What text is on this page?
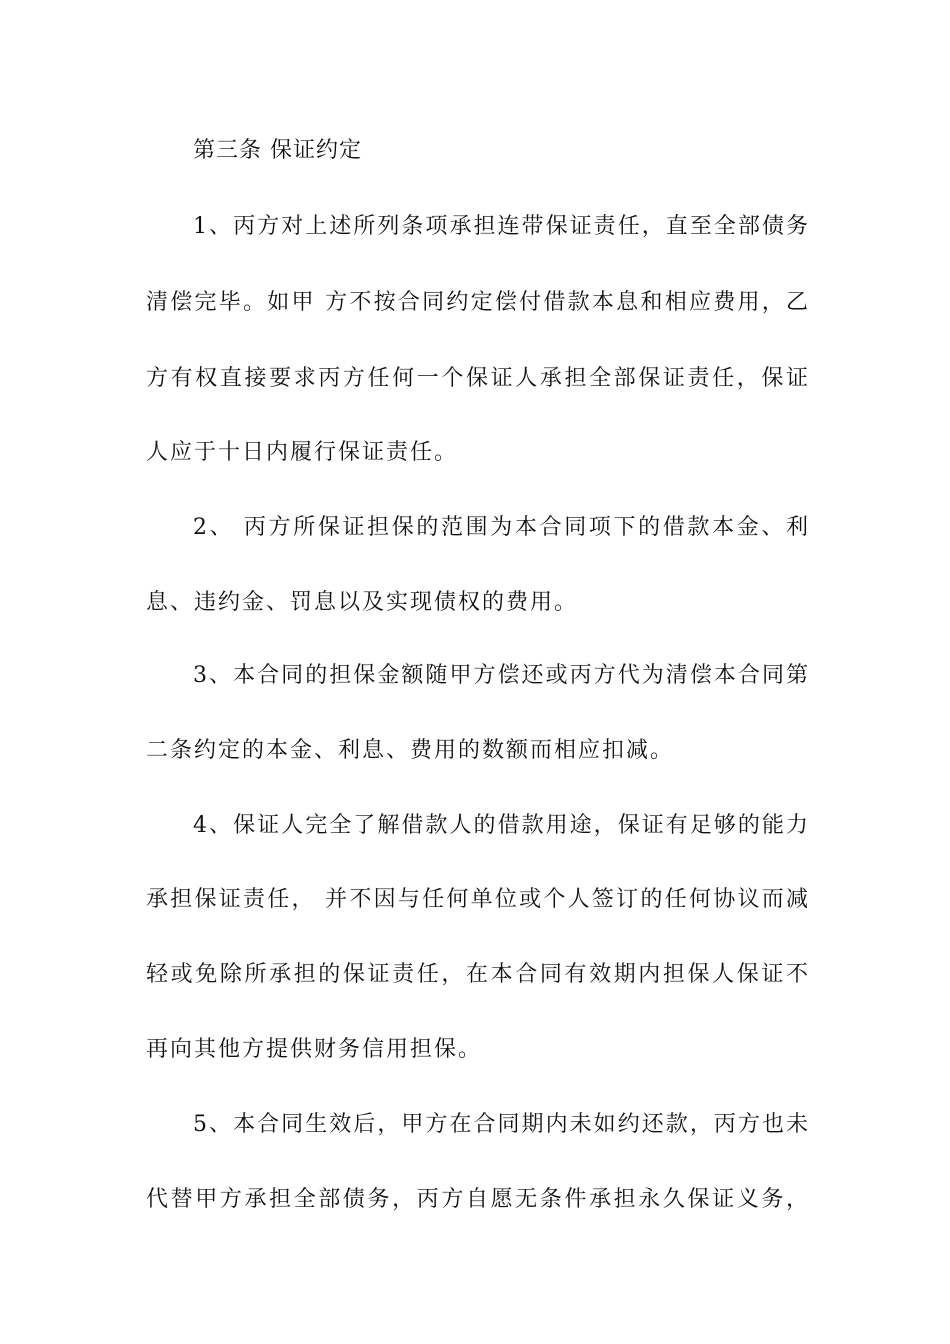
第三条 保证约定
1、丙方对上述所列条项承担连带保证责任，直至全部债务
清偿完毕。如甲 方不按合同约定偿付借款本息和相应费用，乙
方有权直接要求丙方任何一个保证人承担全部保证责任，保证
人应于十日内履行保证责任。
2、 丙方所保证担保的范围为本合同项下的借款本金、利
息、违约金、罚息以及实现债权的费用。
3、本合同的担保金额随甲方偿还或丙方代为清偿本合同第
二条约定的本金、利息、费用的数额而相应扣减。
4、保证人完全了解借款人的借款用途，保证有足够的能力
承担保证责任， 并不因与任何单位或个人签订的任何协议而减
轻或免除所承担的保证责任，在本合同有效期内担保人保证不
再向其他方提供财务信用担保。
5、本合同生效后，甲方在合同期内未如约还款，丙方也未
代替甲方承担全部债务，丙方自愿无条件承担永久保证义务，
